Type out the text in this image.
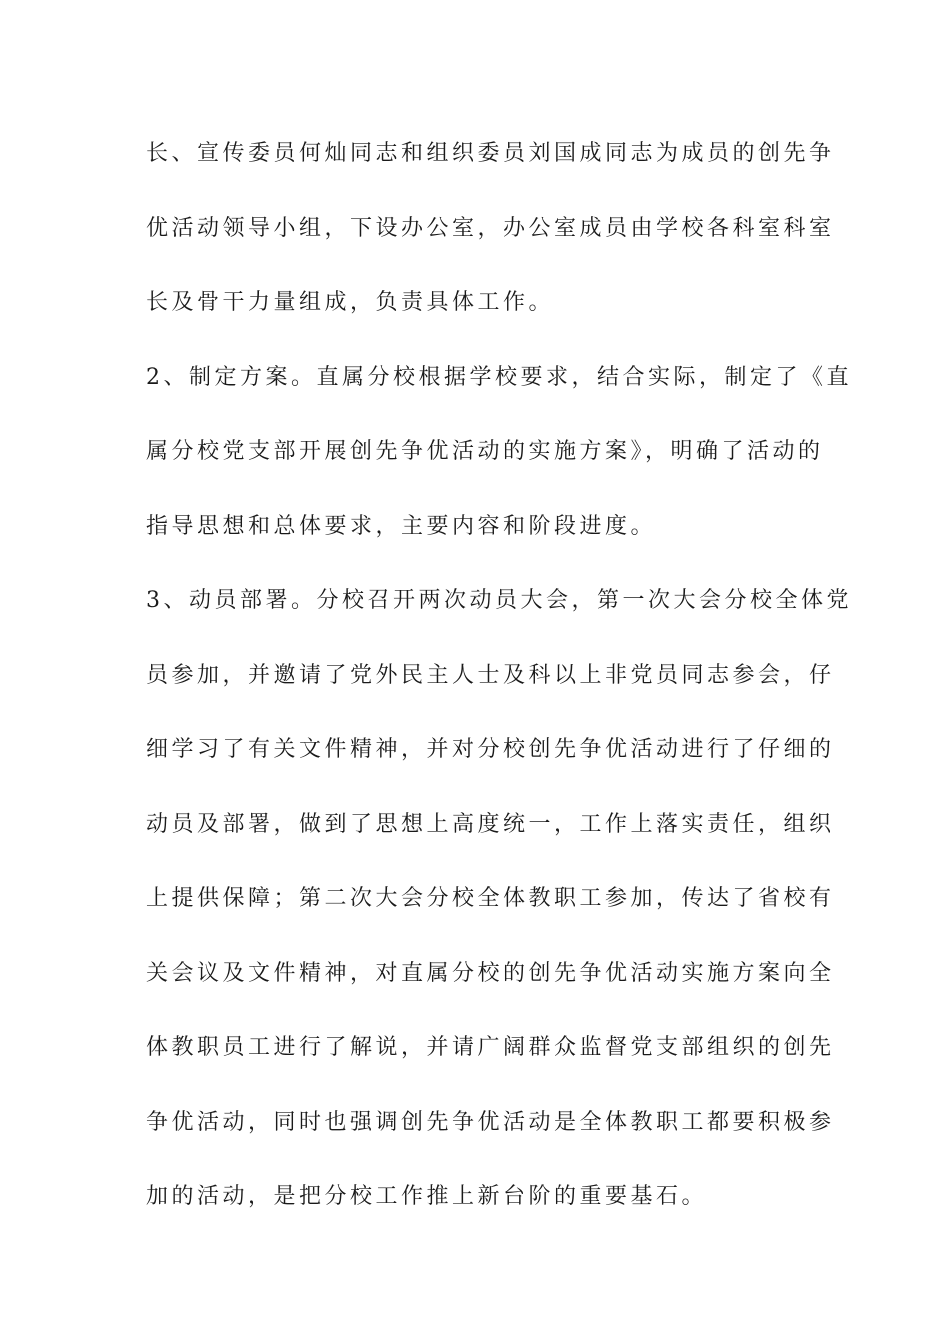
长、宣传委员何灿同志和组织委员刘国成同志为成员的创先争
优活动领导小组，下设办公室，办公室成员由学校各科室科室
长及骨干力量组成，负责具体工作。
2、制定方案。直属分校根据学校要求，结合实际，制定了《直
属分校党支部开展创先争优活动的实施方案》，明确了活动的
指导思想和总体要求，主要内容和阶段进度。
3、动员部署。分校召开两次动员大会，第一次大会分校全体党
员参加，并邀请了党外民主人士及科以上非党员同志参会，仔
细学习了有关文件精神，并对分校创先争优活动进行了仔细的
动员及部署，做到了思想上高度统一，工作上落实责任，组织
上提供保障；第二次大会分校全体教职工参加，传达了省校有
关会议及文件精神，对直属分校的创先争优活动实施方案向全
体教职员工进行了解说，并请广阔群众监督党支部组织的创先
争优活动，同时也强调创先争优活动是全体教职工都要积极参
加的活动，是把分校工作推上新台阶的重要基石。
